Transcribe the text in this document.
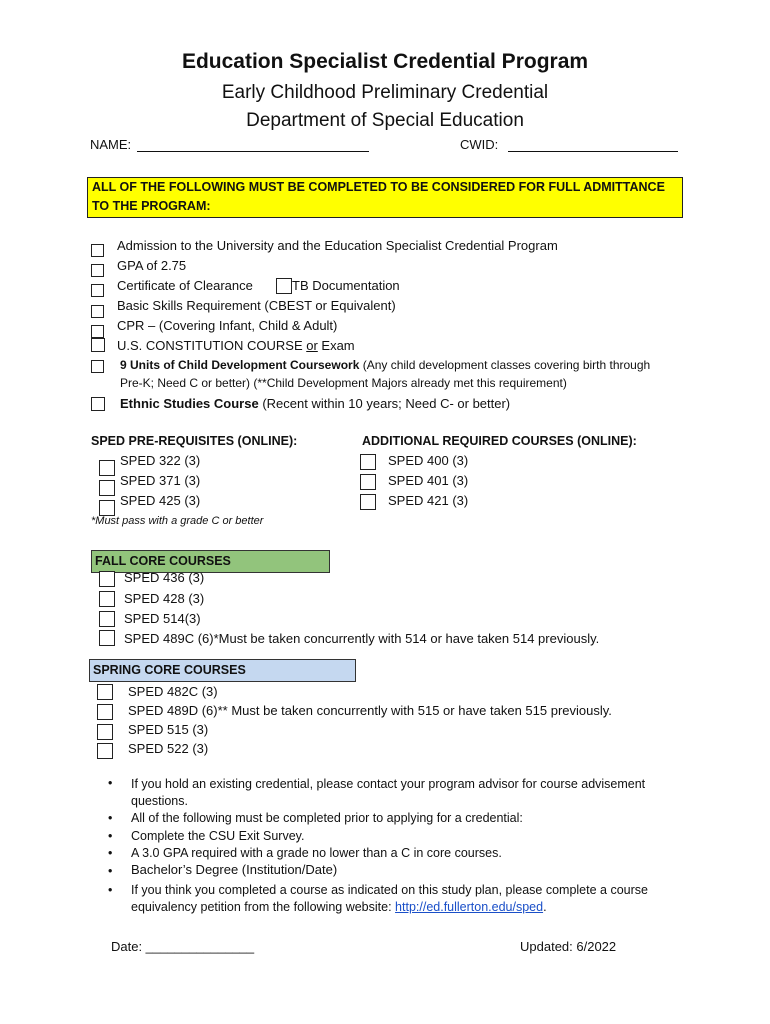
Education Specialist Credential Program
Early Childhood Preliminary Credential
Department of Special Education
NAME:	CWID:
ALL OF THE FOLLOWING MUST BE COMPLETED TO BE CONSIDERED FOR FULL ADMITTANCE TO THE PROGRAM:
Admission to the University and the Education Specialist Credential Program
GPA of 2.75
Certificate of Clearance	TB Documentation
Basic Skills Requirement (CBEST or Equivalent)
CPR – (Covering Infant, Child & Adult)
U.S. CONSTITUTION COURSE or Exam
9 Units of Child Development Coursework (Any child development classes covering birth through
Pre-K; Need C or better) (**Child Development Majors already met this requirement)
Ethnic Studies Course (Recent within 10 years; Need C- or better)
SPED PRE-REQUISITES (ONLINE):
SPED 322 (3)
SPED 371 (3)
SPED 425 (3)
*Must pass with a grade C or better
ADDITIONAL REQUIRED COURSES (ONLINE):
SPED 400 (3)
SPED 401 (3)
SPED 421 (3)
FALL CORE COURSES
SPED 436 (3)
SPED 428 (3)
SPED 514(3)
SPED 489C (6)*Must be taken concurrently with 514 or have taken 514 previously.
SPRING CORE COURSES
SPED 482C (3)
SPED 489D (6)** Must be taken concurrently with 515 or have taken 515 previously.
SPED 515 (3)
SPED 522 (3)
• If you hold an existing credential, please contact your program advisor for course advisement questions.
• All of the following must be completed prior to applying for a credential:
• Complete the CSU Exit Survey.
• A 3.0 GPA required with a grade no lower than a C in core courses.
• Bachelor’s Degree (Institution/Date)
• If you think you completed a course as indicated on this study plan, please complete a course equivalency petition from the following website: http://ed.fullerton.edu/sped.
Date: _______________	Updated: 6/2022
